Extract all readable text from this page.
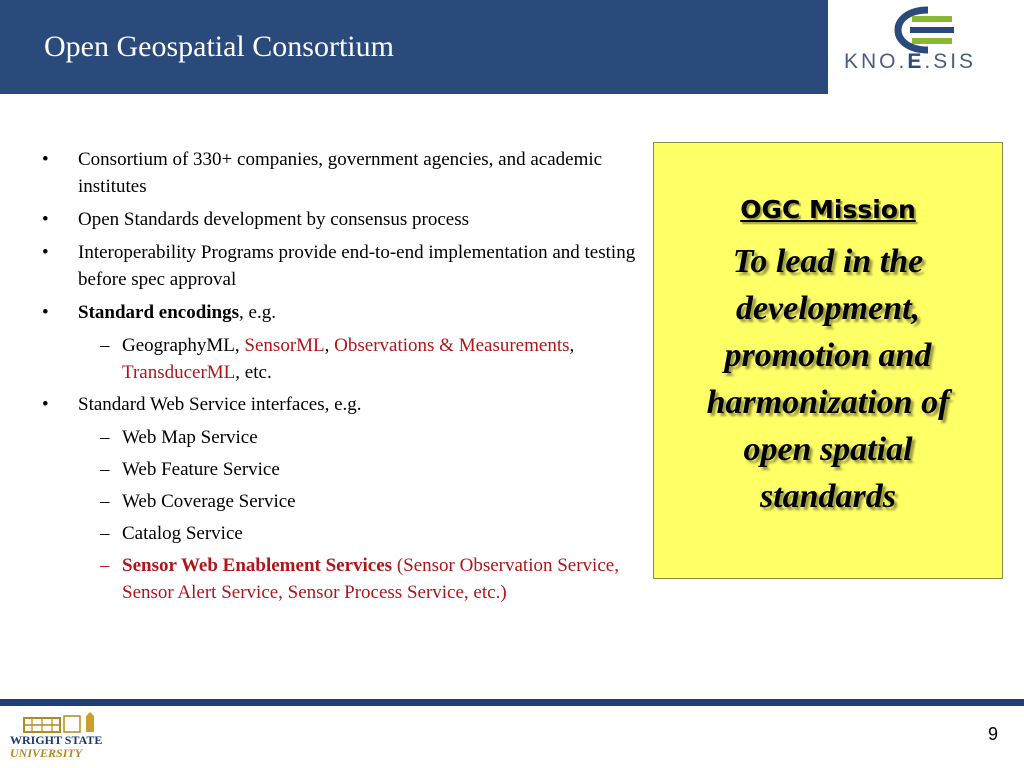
Open Geospatial Consortium	KNO.E.SIS
• Consortium of 330+ companies, government agencies, and academic institutes
• Open Standards development by consensus process
• Interoperability Programs provide end-to-end implementation and testing before spec approval
• Standard encodings, e.g.
– GeographyML, SensorML, Observations & Measurements, TransducerML, etc.
• Standard Web Service interfaces, e.g.
– Web Map Service
– Web Feature Service
– Web Coverage Service
– Catalog Service
– Sensor Web Enablement Services (Sensor Observation Service, Sensor Alert Service, Sensor Process Service, etc.)
OGC Mission
To lead in the development, promotion and harmonization of open spatial standards
WRIGHT STATE
UNIVERSITY
9
